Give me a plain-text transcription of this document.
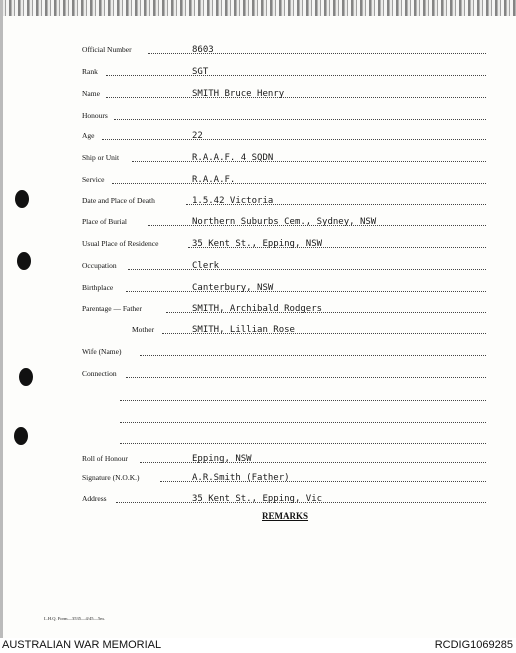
Official Number	8603
Rank	SGT
Name	SMITH Bruce Henry
Honours
Age	22
Ship or Unit	R.A.A.F. 4 SQDN
Service	R.A.A.F.
Date and Place of Death	1.5.42 Victoria
Place of Burial	Northern Suburbs Cem., Sydney, NSW
Usual Place of Residence	35 Kent St., Epping, NSW
Occupation	Clerk
Birthplace	Canterbury, NSW
Parentage — Father	SMITH, Archibald Rodgers
Mother	SMITH, Lillian Rose
Wife (Name)
Connection
Roll of Honour	Epping, NSW
Signature (N.O.K.)	A.R.Smith (Father)
Address	35 Kent St., Epping, Vic
REMARKS
L.H.Q. Form—3535—4/45—5m.
AUSTRALIAN WAR MEMORIAL	RCDIG1069285
